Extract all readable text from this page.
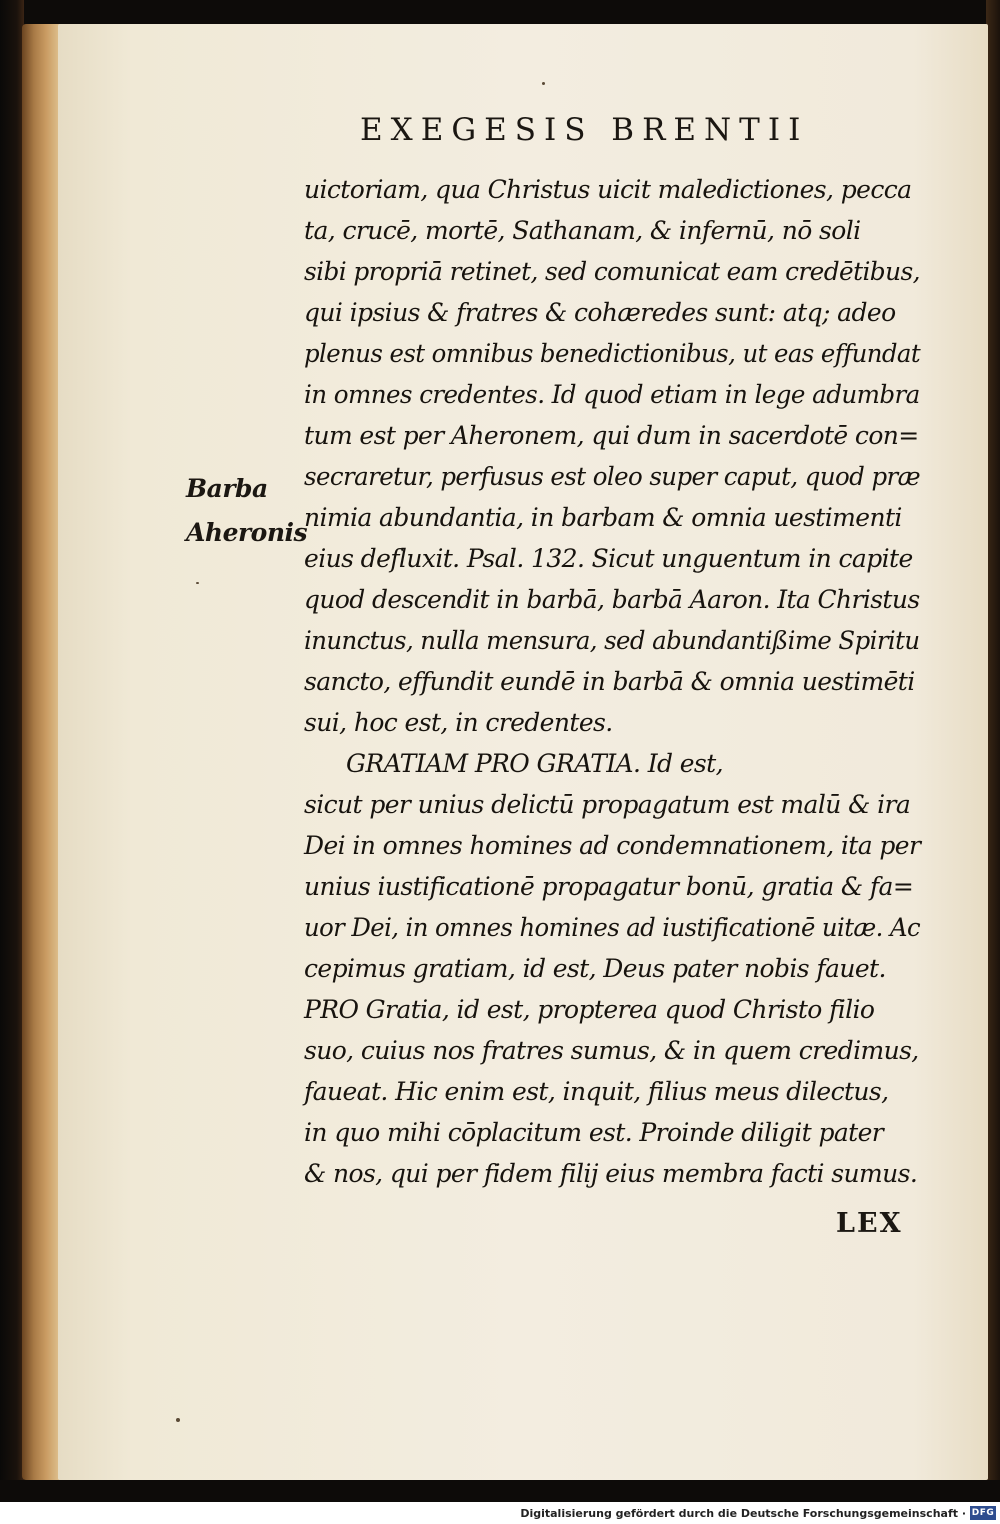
EXEGESIS BRENTII
Barba
Aheronis
uictoriam, qua Christus uicit maledictiones, pecca
ta, crucē, mortē, Sathanam, & infernū, nō soli
sibi propriā retinet, sed comunicat eam credētibus,
qui ipsius & fratres & cohæredes sunt: atq; adeo
plenus est omnibus benedictionibus, ut eas effundat
in omnes credentes. Id quod etiam in lege adumbra
tum est per Aheronem, qui dum in sacerdotē con=
secraretur, perfusus est oleo super caput, quod præ
nimia abundantia, in barbam & omnia uestimenti
eius defluxit. Psal. 132. Sicut unguentum in capite
quod descendit in barbā, barbā Aaron. Ita Christus
inunctus, nulla mensura, sed abundantißime Spiritu
sancto, effundit eundē in barbā & omnia uestimēti
sui, hoc est, in credentes.
GRATIAM PRO GRATIA. Id est,
sicut per unius delictū propagatum est malū & ira
Dei in omnes homines ad condemnationem, ita per
unius iustificationē propagatur bonū, gratia & fa=
uor Dei, in omnes homines ad iustificationē uitæ. Ac
cepimus gratiam, id est, Deus pater nobis fauet.
PRO Gratia, id est, propterea quod Christo filio
suo, cuius nos fratres sumus, & in quem credimus,
faueat. Hic enim est, inquit, filius meus dilectus,
in quo mihi cōplacitum est. Proinde diligit pater
& nos, qui per fidem filij eius membra facti sumus.
LEX
Digitalisierung gefördert durch die Deutsche Forschungsgemeinschaft · DFG
